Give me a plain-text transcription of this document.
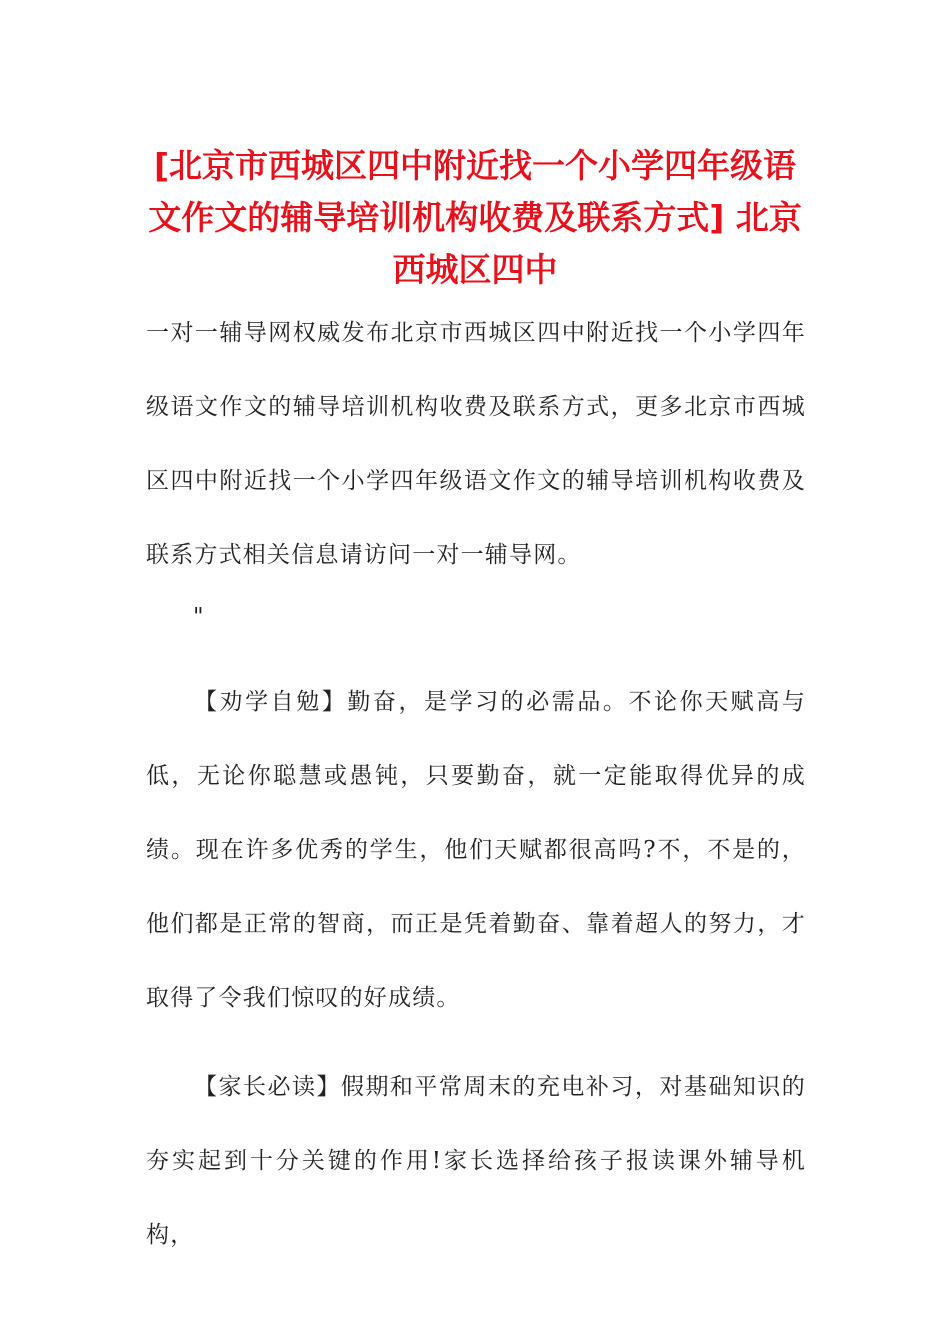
[北京市西城区四中附近找一个小学四年级语文作文的辅导培训机构收费及联系方式] 北京西城区四中
一对一辅导网权威发布北京市西城区四中附近找一个小学四年级语文作文的辅导培训机构收费及联系方式，更多北京市西城区四中附近找一个小学四年级语文作文的辅导培训机构收费及联系方式相关信息请访问一对一辅导网。
"
【劝学自勉】勤奋，是学习的必需品。不论你天赋高与低，无论你聪慧或愚钝，只要勤奋，就一定能取得优异的成绩。现在许多优秀的学生，他们天赋都很高吗?不，不是的，他们都是正常的智商，而正是凭着勤奋、靠着超人的努力，才取得了令我们惊叹的好成绩。
【家长必读】假期和平常周末的充电补习，对基础知识的夯实起到十分关键的作用!家长选择给孩子报读课外辅导机构，
